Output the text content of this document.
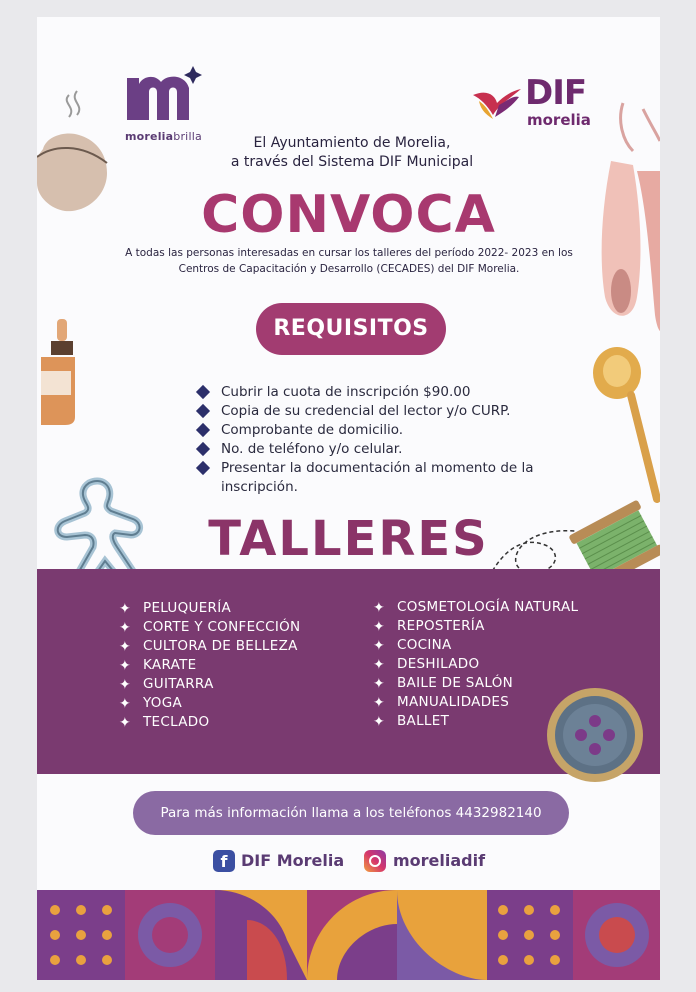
moreliabrilla
DIF
morelia
El Ayuntamiento de Morelia,
a través del Sistema DIF Municipal
CONVOCA
A todas las personas interesadas en cursar los talleres del período 2022- 2023 en los
Centros de Capacitación y Desarrollo (CECADES) del DIF Morelia.
REQUISITOS
Cubrir la cuota de inscripción $90.00
Copia de su credencial del lector y/o CURP.
Comprobante de domicilio.
No. de teléfono y/o celular.
Presentar la documentación al momento de la inscripción.
TALLERES
✦ PELUQUERÍA
✦ CORTE Y CONFECCIÓN
✦ CULTORA DE BELLEZA
✦ KARATE
✦ GUITARRA
✦ YOGA
✦ TECLADO
✦ COSMETOLOGÍA NATURAL
✦ REPOSTERÍA
✦ COCINA
✦ DESHILADO
✦ BAILE DE SALÓN
✦ MANUALIDADES
✦ BALLET
Para más información llama a los teléfonos 4432982140
f DIF Morelia	moreliadif
